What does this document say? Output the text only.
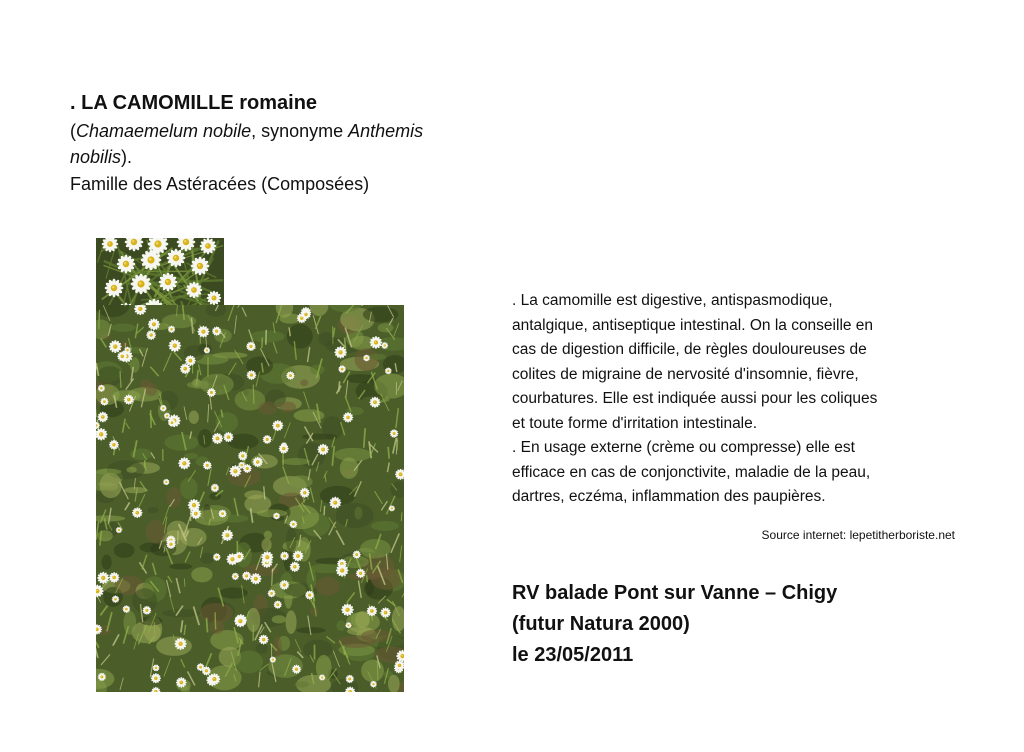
. LA CAMOMILLE romaine
(Chamaemelum nobile, synonyme Anthemis nobilis).
Famille des Astéracées (Composées)

. La camomille est digestive, antispasmodique,

antalgique, antiseptique intestinal. On la conseille en

cas de digestion difficile, de règles douloureuses de

colites de migraine de nervosité d'insomnie, fièvre,

courbatures. Elle est indiquée aussi pour les coliques

et toute forme d'irritation intestinale.

. En usage externe (crème ou compresse) elle est

efficace en cas de conjonctivite, maladie de la peau,

dartres, eczéma, inflammation des paupières.

Source internet: lepetitherboriste.net

RV balade Pont sur Vanne – Chigy

(futur Natura 2000)

le 23/05/2011
